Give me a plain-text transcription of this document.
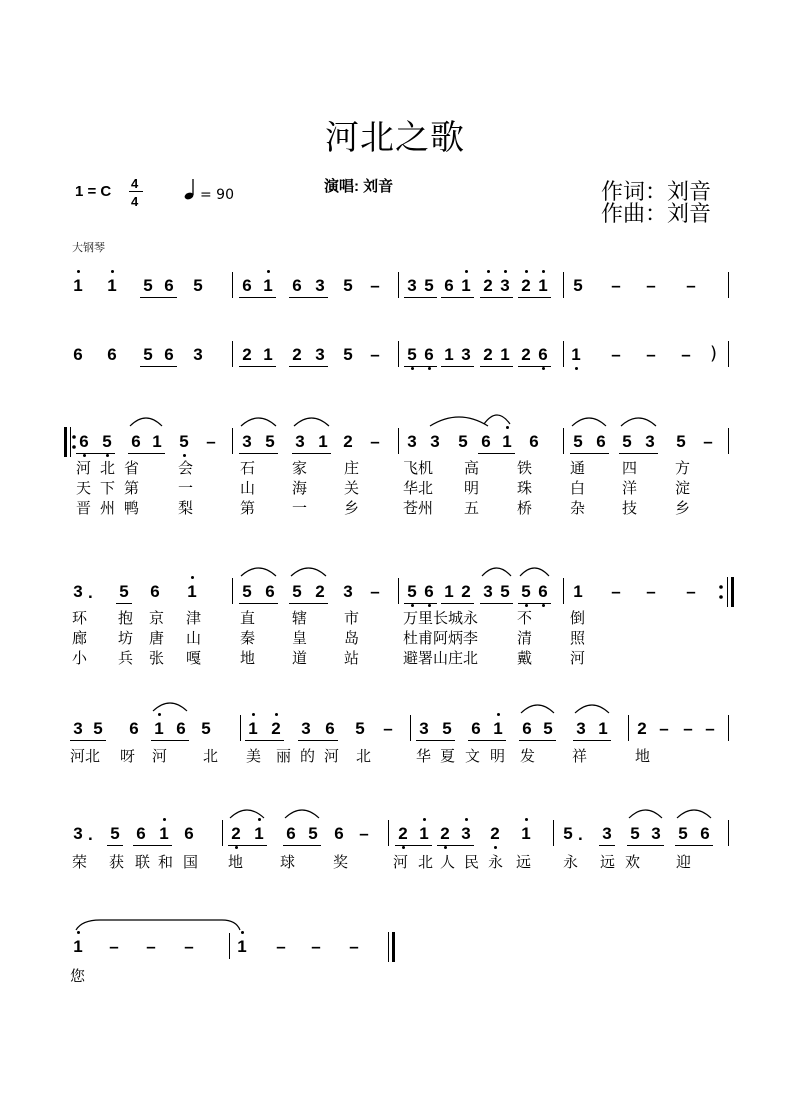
河北之歌
1 = C 4
4	= 90	演唱: 刘音	作词：刘音
作曲：刘音
大钢琴
1 1 5 6 5 6 1 6 3 5 – 3 5 6 1 2 3 2 1 5 – – –
6 6 5 6 3 2 1 2 3 5 – 5 6 1 3 2 1 2 6 1 – – – )
6 5 6 1 5 – 3 5 3 1 2 – 3 3 5 6 1 6 5 6 5 3 5 –
河 北 省	会	石 家 庄	飞机 高	铁	通 四	方
天 下 第	一	山 海 关	华北 明	珠	白 洋	淀
晋 州 鸭	梨	第 一 乡	苍州 五	桥	杂 技	乡
3 . 5 6 1	5 6 5 2 3 – 5 6 1 2 3 5 5 6 1 – – –
环 抱 京 津	直 辖 市	万里长城永	不	倒
廊 坊 唐 山	秦 皇 岛	杜甫阿炳李	清	照
小 兵 张 嘎	地 道 站	避署山庄北	戴	河
3 5 6 1 6 5 1 2 3 6 5 – 3 5 6 1 6 5 3 1 2 – – –
河北 呀 河 北 美 丽 的 河 北	华 夏 文 明 发 祥	地
3 . 5 6 1 6 2 1 6 5 6 – 2 1 2 3 2 1 5 . 3 5 3 5 6
荣 获 联 和 国 地 球	奖	河 北 人 民 永 远 永 远 欢 迎
1 – – –	1 – – –
您
